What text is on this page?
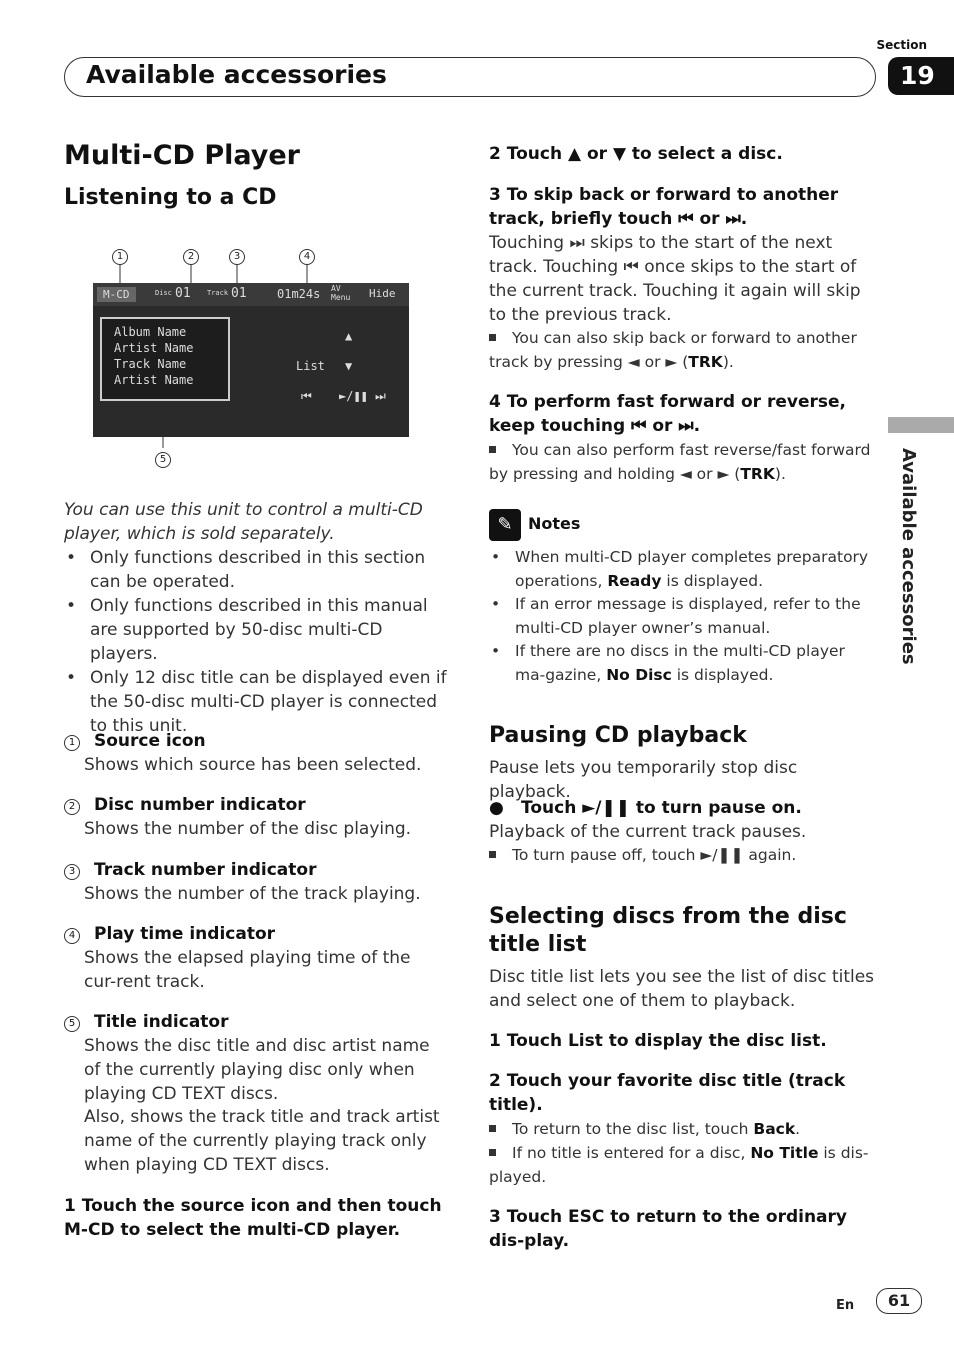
Section
Available accessories	19
Available accessories
Multi-CD Player
Listening to a CD
1	2	3	4
5
M-CD	Disc 01 Track 01	01m24s AV Menu	Hide
Album Name
Artist Name
Track Name
Artist Name
▲
List ▼
⏮ ►/❚❚ ⏭
You can use this unit to control a multi-CD player, which is sold separately.
• Only functions described in this section can be operated.
• Only functions described in this manual are supported by 50-disc multi-CD players.
• Only 12 disc title can be displayed even if the 50-disc multi-CD player is connected to this unit.
1 Source icon
Shows which source has been selected.
2 Disc number indicator
Shows the number of the disc playing.
3 Track number indicator
Shows the number of the track playing.
4 Play time indicator
Shows the elapsed playing time of the cur-rent track.
5 Title indicator
Shows the disc title and disc artist name of the currently playing disc only when playing CD TEXT discs.
Also, shows the track title and track artist name of the currently playing track only when playing CD TEXT discs.
1 Touch the source icon and then touch M-CD to select the multi-CD player.
2 Touch ▲ or ▼ to select a disc.
3 To skip back or forward to another track, briefly touch ⏮ or ⏭.
Touching ⏭ skips to the start of the next track. Touching ⏮ once skips to the start of the current track. Touching it again will skip to the previous track.
You can also skip back or forward to another track by pressing ◄ or ► (TRK).
4 To perform fast forward or reverse, keep touching ⏮ or ⏭.
You can also perform fast reverse/fast forward by pressing and holding ◄ or ► (TRK).
✎ Notes
• When multi-CD player completes preparatory operations, Ready is displayed.
• If an error message is displayed, refer to the multi-CD player owner’s manual.
• If there are no discs in the multi-CD player ma-gazine, No Disc is displayed.
Pausing CD playback
Pause lets you temporarily stop disc playback.
● Touch ►/❚❚ to turn pause on.
Playback of the current track pauses.
To turn pause off, touch ►/❚❚ again.
Selecting discs from the disc title list
Disc title list lets you see the list of disc titles and select one of them to playback.
1 Touch List to display the disc list.
2 Touch your favorite disc title (track title).
To return to the disc list, touch Back.
If no title is entered for a disc, No Title is dis-played.
3 Touch ESC to return to the ordinary dis-play.
En	61
